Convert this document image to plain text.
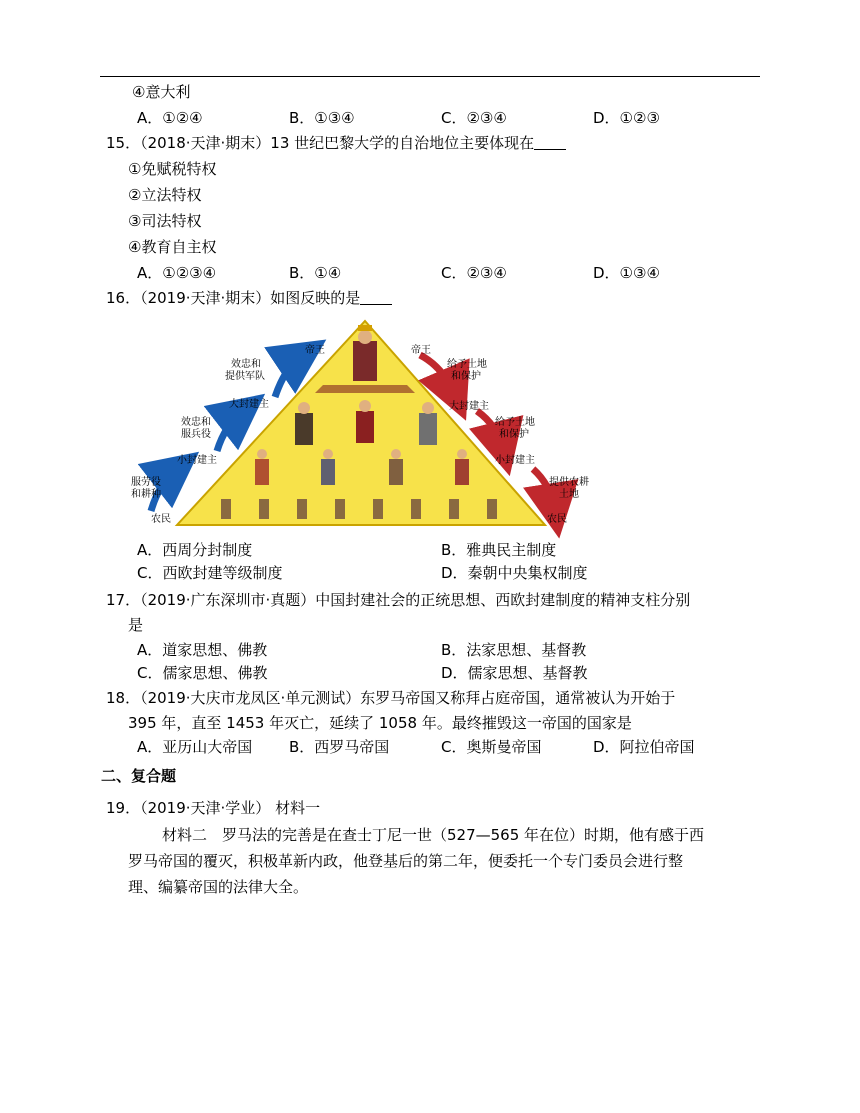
④意大利
A．①②④	B．①③④	C．②③④	D．①②③
15．（2018·天津·期末）13 世纪巴黎大学的自治地位主要体现在
①免赋税特权
②立法特权
③司法特权
④教育自主权
A．①②③④	B．①④	C．②③④	D．①③④
16．（2019·天津·期末）如图反映的是
帝王	帝王
大封建主	大封建主
小封建主	小封建主
农民	农民
效忠和
提供军队
效忠和
服兵役
服劳役
和耕种
给予土地
和保护
给予土地
和保护
提供农耕
土地
A．西周分封制度	B．雅典民主制度
C．西欧封建等级制度	D．秦朝中央集权制度
17．（2019·广东深圳市·真题）中国封建社会的正统思想、西欧封建制度的精神支柱分别
是
A．道家思想、佛教	B．法家思想、基督教
C．儒家思想、佛教	D．儒家思想、基督教
18．（2019·大庆市龙凤区·单元测试）东罗马帝国又称拜占庭帝国，通常被认为开始于
395 年，直至 1453 年灭亡，延续了 1058 年。最终摧毁这一帝国的国家是
A．亚历山大帝国 B．西罗马帝国	C．奥斯曼帝国	D．阿拉伯帝国
二、复合题
19．（2019·天津·学业） 材料一
材料二　罗马法的完善是在查士丁尼一世（527—565 年在位）时期，他有感于西
罗马帝国的覆灭，积极革新内政，他登基后的第二年，便委托一个专门委员会进行整
理、编纂帝国的法律大全。
